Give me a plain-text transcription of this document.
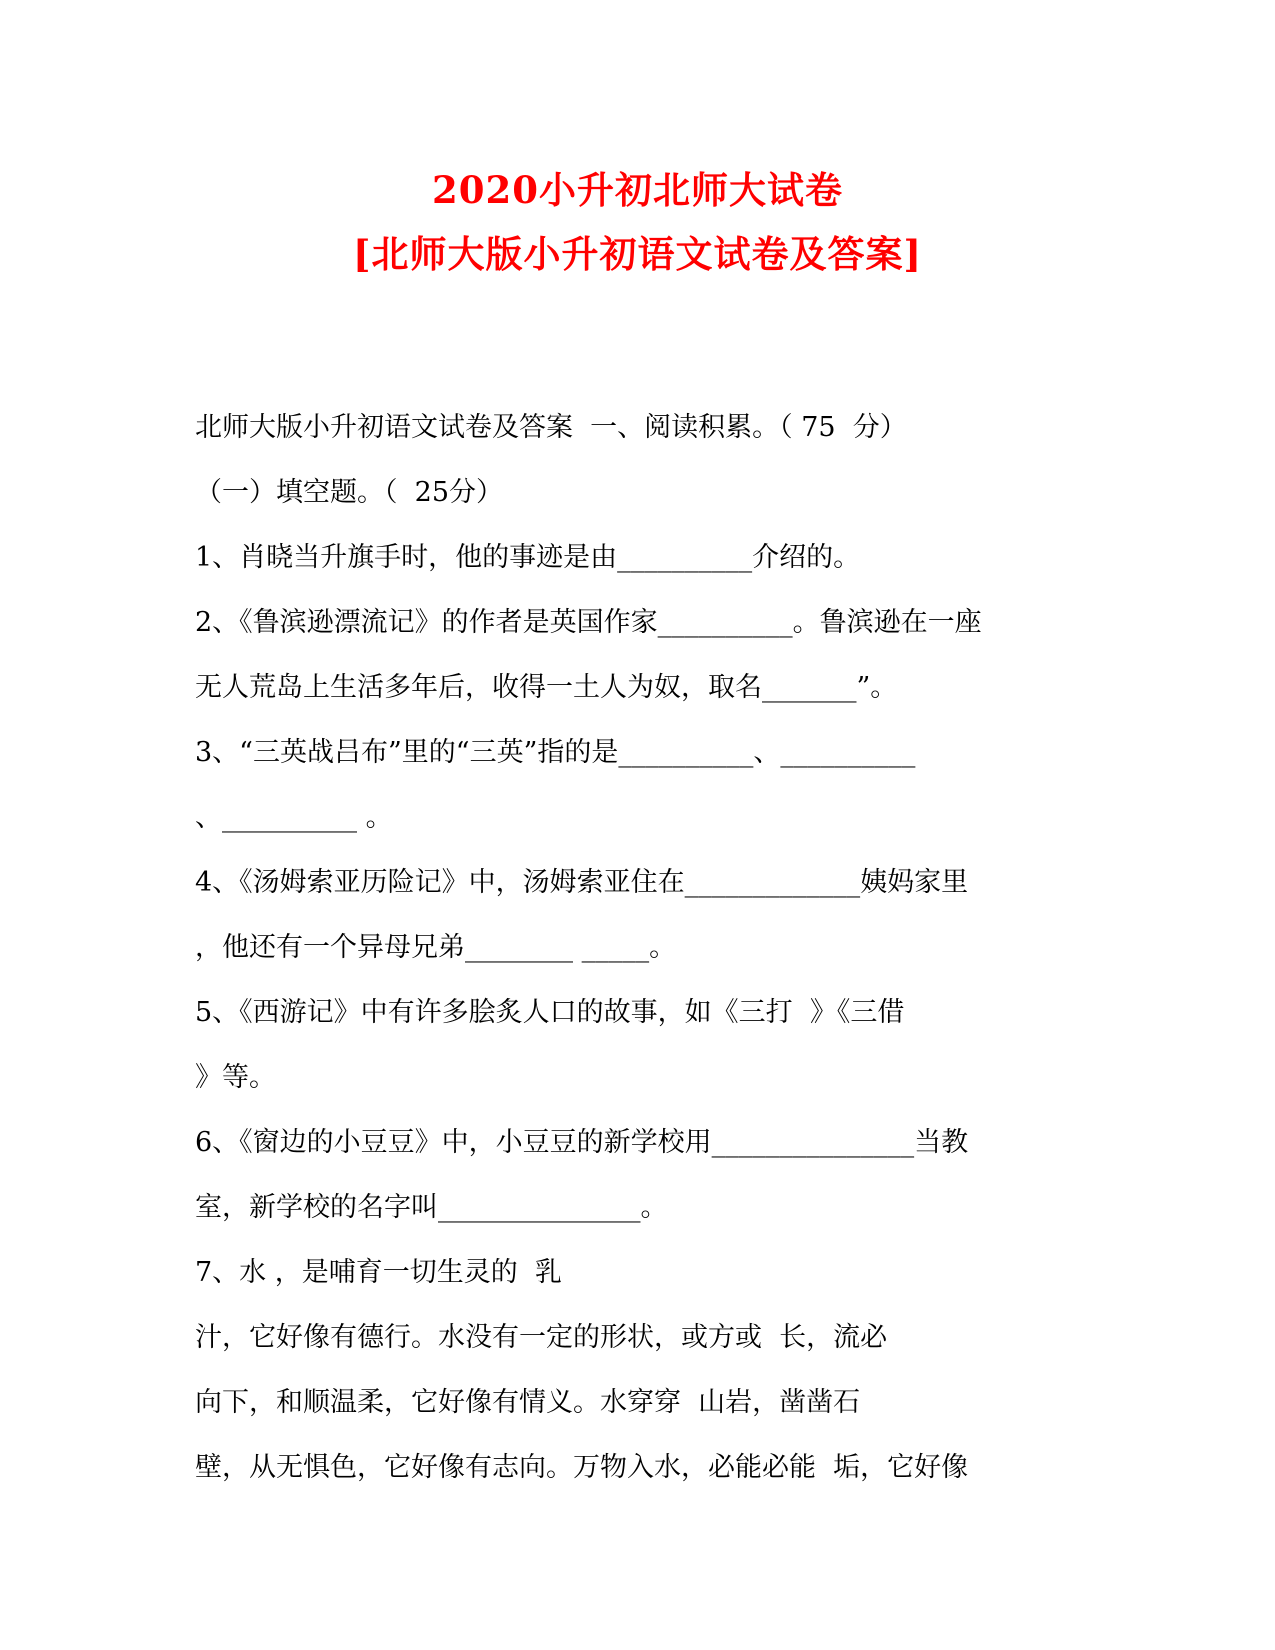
2020小升初北师大试卷
[北师大版小升初语文试卷及答案]
北师大版小升初语文试卷及答案  一、阅读积累。（ 75  分）
（一）填空题。（  25分）
1、肖晓当升旗手时，他的事迹是由__________介绍的。
2、《鲁滨逊漂流记》的作者是英国作家__________。鲁滨逊在一座
无人荒岛上生活多年后，收得一土人为奴，取名_______”。
3、“三英战吕布”里的“三英”指的是__________、__________
、__________ 。
4、《汤姆索亚历险记》中，汤姆索亚住在_____________姨妈家里
，他还有一个异母兄弟________ _____。
5、《西游记》中有许多脍炙人口的故事，如《三打  》《三借
》等。
6、《窗边的小豆豆》中，小豆豆的新学校用_______________当教
室，新学校的名字叫_______________。
7、水 ，是哺育一切生灵的  乳
汁，它好像有德行。水没有一定的形状，或方或  长，流必
向下，和顺温柔，它好像有情义。水穿穿  山岩，凿凿石
壁，从无惧色，它好像有志向。万物入水，必能必能  垢，它好像
